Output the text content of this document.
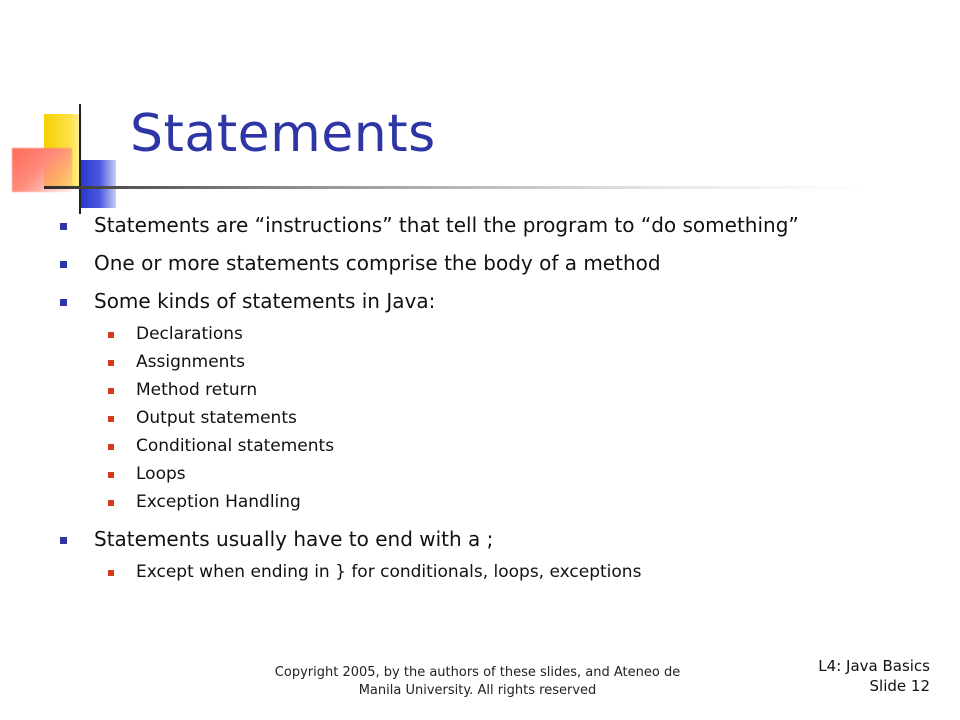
Statements
Statements are “instructions” that tell the program to “do something”
One or more statements comprise the body of a method
Some kinds of statements in Java:
Declarations
Assignments
Method return
Output statements
Conditional statements
Loops
Exception Handling
Statements usually have to end with a ;
Except when ending in } for conditionals, loops, exceptions
Copyright 2005, by the authors of these slides, and Ateneo de
Manila University. All rights reserved
L4: Java Basics
Slide 12
